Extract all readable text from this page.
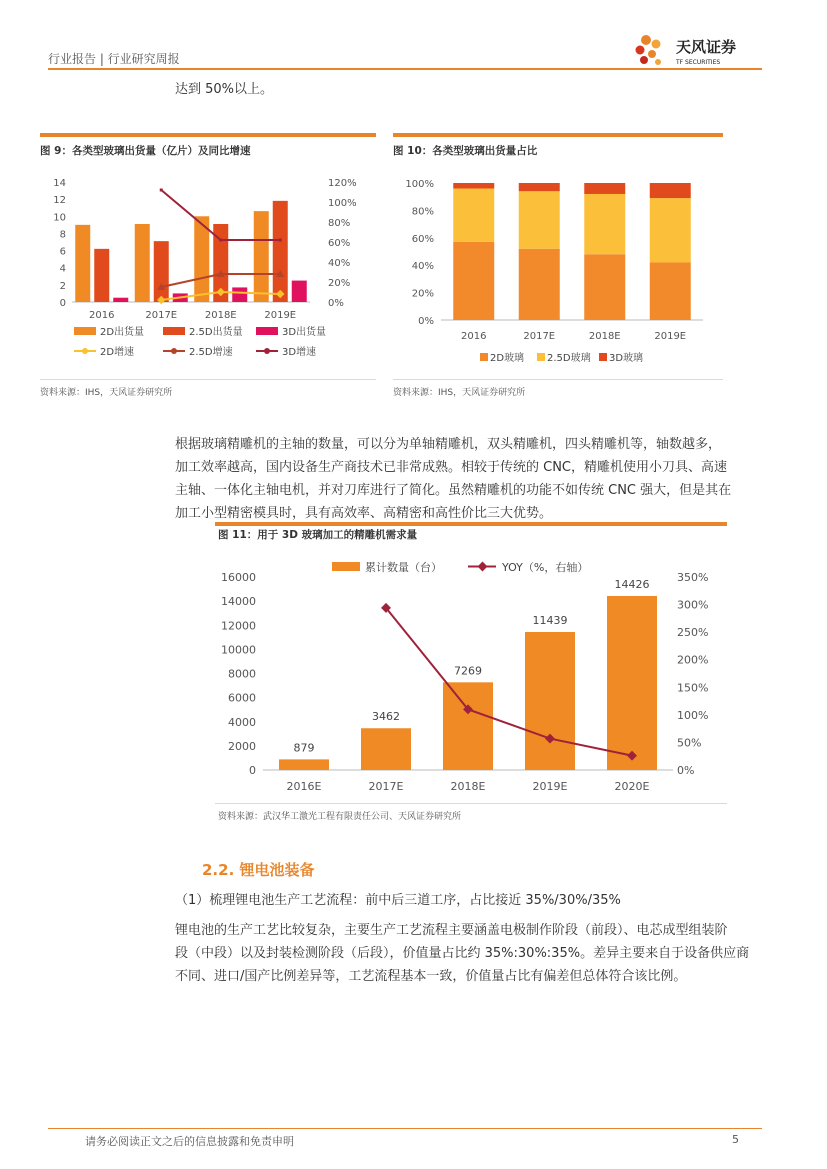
行业报告 | 行业研究周报
天风证券
TF SECURITIES
达到 50%以上。
图 9：各类型玻璃出货量（亿片）及同比增速
0
2
4
6
8
10
12
14
0%
20%
40%
60%
80%
100%
120%
2016	2017E	2018E	2019E
2D出货量	2.5D出货量	3D出货量
2D增速	2.5D增速	3D增速
资料来源：IHS，天风证券研究所
图 10：各类型玻璃出货量占比
0%
20%
40%
60%
80%
100%
2016	2017E	2018E	2019E
2D玻璃 2.5D玻璃 3D玻璃
资料来源：IHS，天风证券研究所
根据玻璃精雕机的主轴的数量，可以分为单轴精雕机，双头精雕机，四头精雕机等，轴数越多，
加工效率越高，国内设备生产商技术已非常成熟。相较于传统的 CNC，精雕机使用小刀具、高速
主轴、一体化主轴电机，并对刀库进行了简化。虽然精雕机的功能不如传统 CNC 强大，但是其在
加工小型精密模具时，具有高效率、高精密和高性价比三大优势。
图 11：用于 3D 玻璃加工的精雕机需求量
0
2000
4000
6000
8000
10000
12000
14000
16000
0%
50%
100%
150%
200%
250%
300%
350%
879
2016E
3462
2017E
7269
2018E
11439
2019E
14426
2020E
累计数量（台）	YOY（%，右轴）
资料来源：武汉华工激光工程有限责任公司、天风证券研究所
2.2. 锂电池装备
（1）梳理锂电池生产工艺流程：前中后三道工序，占比接近 35%/30%/35%
锂电池的生产工艺比较复杂，主要生产工艺流程主要涵盖电极制作阶段（前段）、电芯成型组装阶
段（中段）以及封装检测阶段（后段），价值量占比约 35%:30%:35%。差异主要来自于设备供应商
不同、进口/国产比例差异等，工艺流程基本一致，价值量占比有偏差但总体符合该比例。
请务必阅读正文之后的信息披露和免责申明	5
